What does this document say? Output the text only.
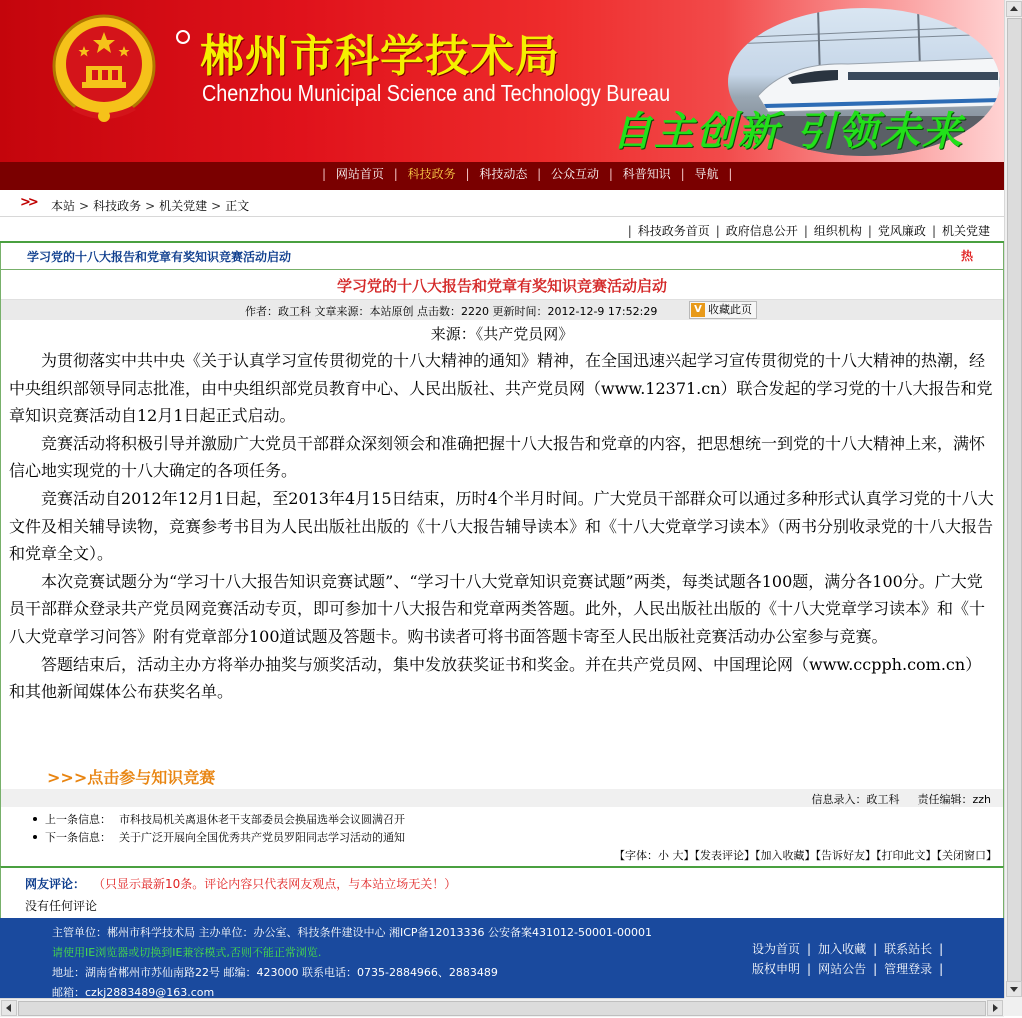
郴州市科学技术局
Chenzhou Municipal Science and Technology Bureau
自主创新 引领未来
| 网站首页 | 科技政务 | 科技动态 | 公众互动 | 科普知识 | 导航 |
>> 本站 > 科技政务 > 机关党建 > 正文
| 科技政务首页 | 政府信息公开 | 组织机构 | 党风廉政 | 机关党建
学习党的十八大报告和党章有奖知识竞赛活动启动	热
学习党的十八大报告和党章有奖知识竞赛活动启动
作者：政工科 文章来源：本站原创 点击数：2220 更新时间：2012-12-9 17:52:29	V 收藏此页
来源：《共产党员网》

为贯彻落实中共中央《关于认真学习宣传贯彻党的十八大精神的通知》精神，在全国迅速兴起学习宣传贯彻党的十八大精神的热潮，经中央组织部领导同志批准，由中央组织部党员教育中心、人民出版社、共产党员网（www.12371.cn）联合发起的学习党的十八大报告和党章知识竞赛活动自12月1日起正式启动。

竞赛活动将积极引导并激励广大党员干部群众深刻领会和准确把握十八大报告和党章的内容，把思想统一到党的十八大精神上来，满怀信心地实现党的十八大确定的各项任务。

竞赛活动自2012年12月1日起，至2013年4月15日结束，历时4个半月时间。广大党员干部群众可以通过多种形式认真学习党的十八大文件及相关辅导读物，竞赛参考书目为人民出版社出版的《十八大报告辅导读本》和《十八大党章学习读本》（两书分别收录党的十八大报告和党章全文）。

本次竞赛试题分为“学习十八大报告知识竞赛试题”、“学习十八大党章知识竞赛试题”两类，每类试题各100题，满分各100分。广大党员干部群众登录共产党员网竞赛活动专页，即可参加十八大报告和党章两类答题。此外，人民出版社出版的《十八大党章学习读本》和《十八大党章学习问答》附有党章部分100道试题及答题卡。购书读者可将书面答题卡寄至人民出版社竞赛活动办公室参与竞赛。

答题结束后，活动主办方将举办抽奖与颁奖活动，集中发放获奖证书和奖金。并在共产党员网、中国理论网（www.ccpph.com.cn）和其他新闻媒体公布获奖名单。

>>>点击参与知识竞赛
信息录入：政工科 责任编辑：zzh
上一条信息： 市科技局机关离退休老干支部委员会换届选举会议圆满召开
下一条信息： 关于广泛开展向全国优秀共产党员罗阳同志学习活动的通知
【字体：小 大】【发表评论】【加入收藏】【告诉好友】【打印此文】【关闭窗口】
网友评论： （只显示最新10条。评论内容只代表网友观点，与本站立场无关！）
没有任何评论
主管单位：郴州市科学技术局 主办单位：办公室、科技条件建设中心 湘ICP备12013336 公安备案431012-50001-00001
请使用IE浏览器或切换到IE兼容模式,否则不能正常浏览.
地址：湖南省郴州市苏仙南路22号 邮编：423000 联系电话：0735-2884966、2883489
邮箱：czkj2883489@163.com
设为首页 | 加入收藏 | 联系站长 |
版权申明 | 网站公告 | 管理登录 |
